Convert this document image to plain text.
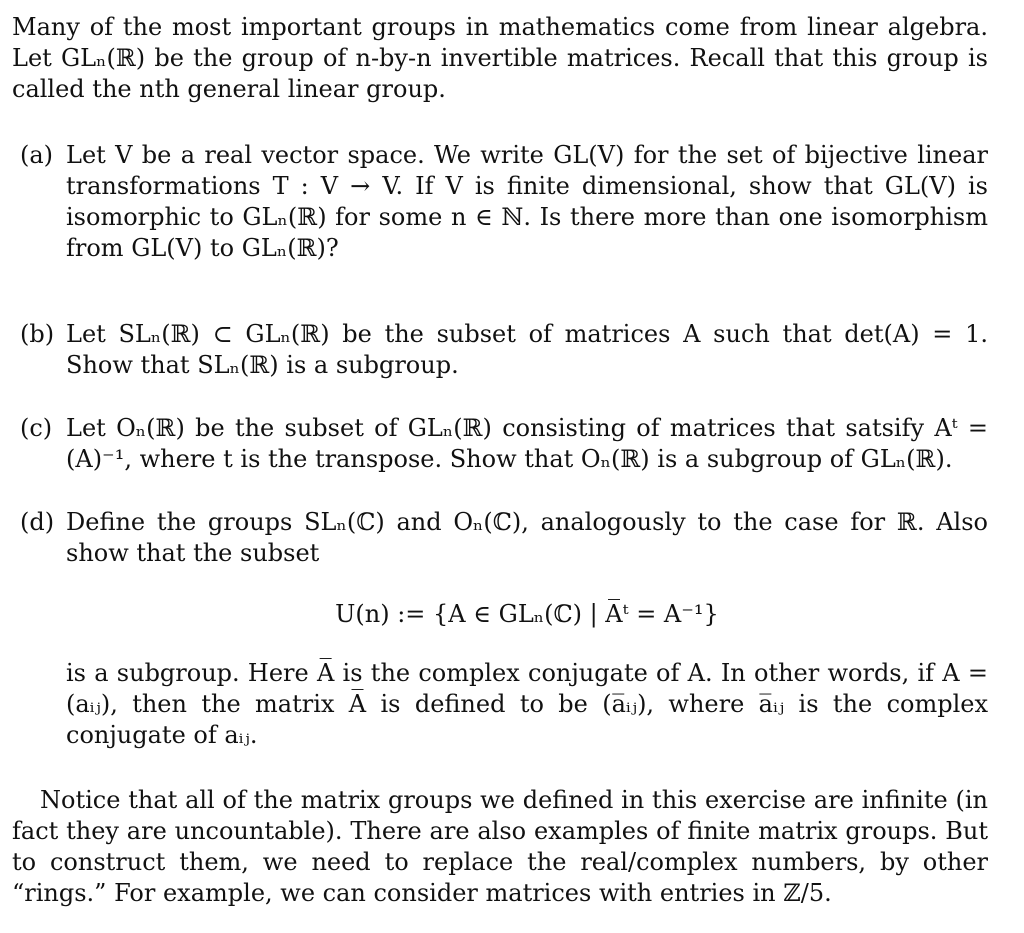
Many of the most important groups in mathematics come from linear algebra. Let GLₙ(ℝ) be the group of n-by-n invertible matrices. Recall that this group is called the nth general linear group.

(a) Let V be a real vector space. We write GL(V) for the set of bijective linear transformations T : V → V. If V is finite dimensional, show that GL(V) is isomorphic to GLₙ(ℝ) for some n ∈ ℕ. Is there more than one isomorphism from GL(V) to GLₙ(ℝ)?
(b) Let SLₙ(ℝ) ⊂ GLₙ(ℝ) be the subset of matrices A such that det(A) = 1. Show that SLₙ(ℝ) is a subgroup.
(c) Let Oₙ(ℝ) be the subset of GLₙ(ℝ) consisting of matrices that satsify Aᵗ = (A)⁻¹, where t is the transpose. Show that Oₙ(ℝ) is a subgroup of GLₙ(ℝ).
(d) Define the groups SLₙ(ℂ) and Oₙ(ℂ), analogously to the case for ℝ. Also show that the subset
U(n) := {A ∈ GLₙ(ℂ) | A̅ᵗ = A⁻¹}
is a subgroup. Here A̅ is the complex conjugate of A. In other words, if A = (aᵢⱼ), then the matrix A̅ is defined to be (a̅ᵢⱼ), where a̅ᵢⱼ is the complex conjugate of aᵢⱼ.

Notice that all of the matrix groups we defined in this exercise are infinite (in fact they are uncountable). There are also examples of finite matrix groups. But to construct them, we need to replace the real/complex numbers, by other “rings.” For example, we can consider matrices with entries in ℤ/5.
